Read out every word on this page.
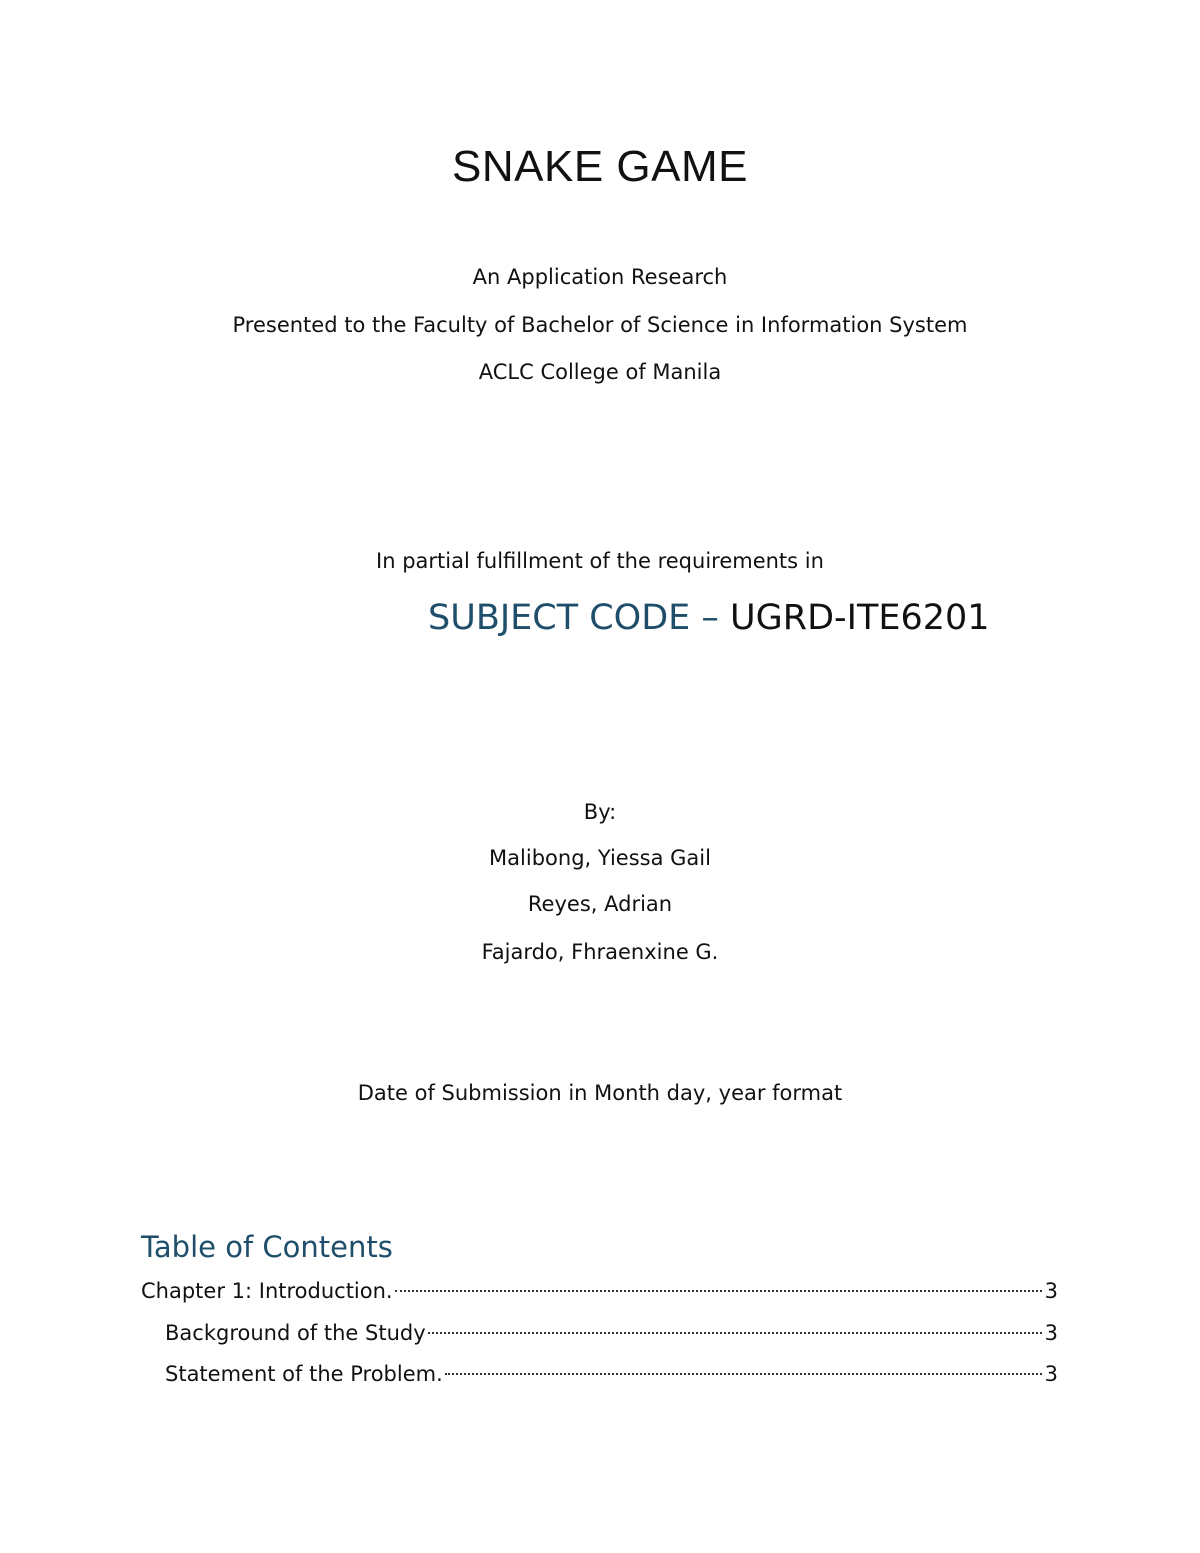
SNAKE GAME
An Application Research
Presented to the Faculty of Bachelor of Science in Information System
ACLC College of Manila
In partial fulfillment of the requirements in
SUBJECT CODE – UGRD-ITE6201
By:
Malibong, Yiessa Gail
Reyes, Adrian
Fajardo, Fhraenxine G.
Date of Submission in Month day, year format
Table of Contents
Chapter 1: Introduction.	3
Background of the Study	3
Statement of the Problem.	3
